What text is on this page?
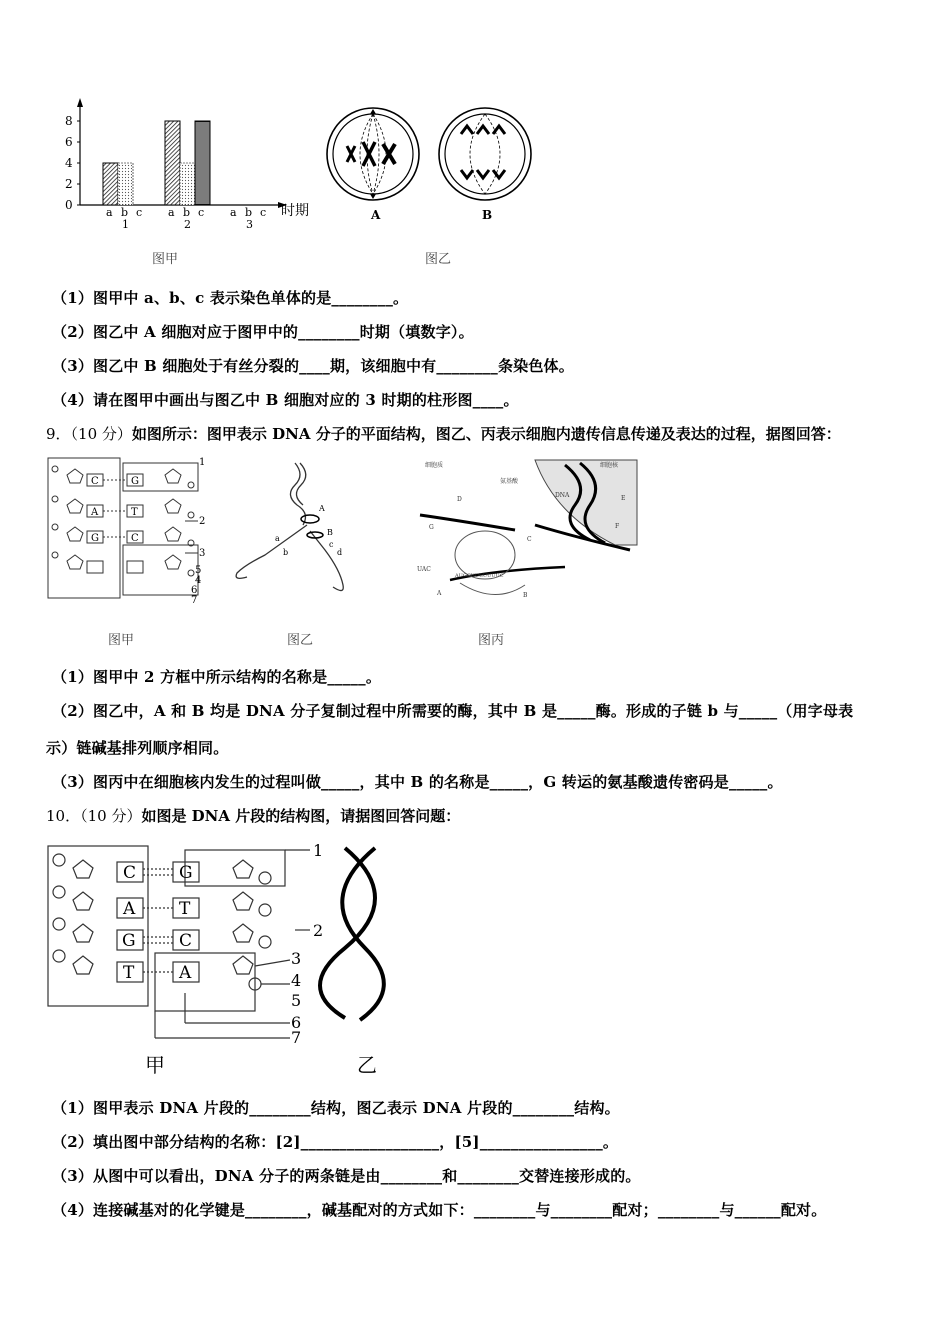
0
2
4
6
8
a b c
1
a b c
2
a b c
3
时期
图甲
A	B
图乙
（1）图甲中 a、b、c 表示染色单体的是________。
（2）图乙中 A 细胞对应于图甲中的________时期（填数字）。
（3）图乙中 B 细胞处于有丝分裂的____期，该细胞中有________条染色体。
（4）请在图甲中画出与图乙中 B 细胞对应的 3 时期的柱形图____。
9．（10 分）如图所示：图甲表示 DNA 分子的平面结构，图乙、丙表示细胞内遗传信息传递及表达的过程，据图回答：
C	G
A	T
G	C
1
2
3
5
4
6
7
A
B
a
b
c
d
细胞质
氨基酸
细胞核
DNA
D
G
C
E
F
UAC
A	B
AUGCUUCUUUUC
图甲	图乙	图丙
（1）图甲中 2 方框中所示结构的名称是_____。
（2）图乙中，A 和 B 均是 DNA 分子复制过程中所需要的酶，其中 B 是_____酶。形成的子链 b 与_____（用字母表
示）链碱基排列顺序相同。
（3）图丙中在细胞核内发生的过程叫做_____，其中 B 的名称是_____，G 转运的氨基酸遗传密码是_____。
10．（10 分）如图是 DNA 片段的结构图，请据图回答问题：
C	G
A	T
G	C
T	A
1
2
3
4
5
6
7
甲	乙
（1）图甲表示 DNA 片段的________结构，图乙表示 DNA 片段的________结构。
（2）填出图中部分结构的名称：[2]__________________，[5]________________。
（3）从图中可以看出，DNA 分子的两条链是由________和________交替连接形成的。
（4）连接碱基对的化学键是________，碱基配对的方式如下：________与________配对；________与______配对。
